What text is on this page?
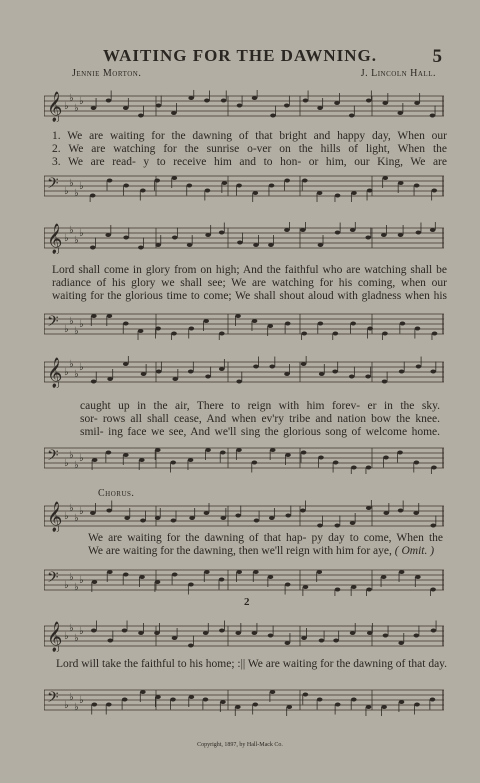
WAITING FOR THE DAWNING.	5
Jennie Morton.	J. Lincoln Hall.
𝄞 ♭
♭
♭
♭
1. We are waiting for the dawning of that bright and happy day, When our
2. We are watching for the sunrise o-ver on the hills of light, When the
3. We are read- y to receive him and to hon- or him, our King, We are
𝄢 ♭
♭
♭
♭
𝄞 ♭
♭
♭
♭
Lord shall come in glory from on high; And the faithful who are watching shall be
radiance of his glory we shall see; We are watching for his coming, when our
waiting for the glorious time to come; We shall shout aloud with gladness when his
𝄢 ♭
♭
♭
♭
𝄞 ♭
♭
♭
♭
caught up in the air, There to reign with him forev- er in the sky.
sor- rows all shall cease, And when ev'ry tribe and nation bow the knee.
smil- ing face we see, And we'll sing the glorious song of welcome home.
𝄢 ♭
♭
♭
♭
Chorus.
𝄞 ♭
♭
♭
♭
We are waiting for the dawning of that hap- py day to come, When the
We are waiting for the dawning, then we'll reign with him for aye, ( Omit. )
𝄢 ♭
♭
♭
♭
2
𝄞 ♭
♭
♭
♭
Lord will take the faithful to his home; :|| We are waiting for the dawning of that day.
𝄢 ♭
♭
♭
♭
Copyright, 1897, by Hall-Mack Co.
